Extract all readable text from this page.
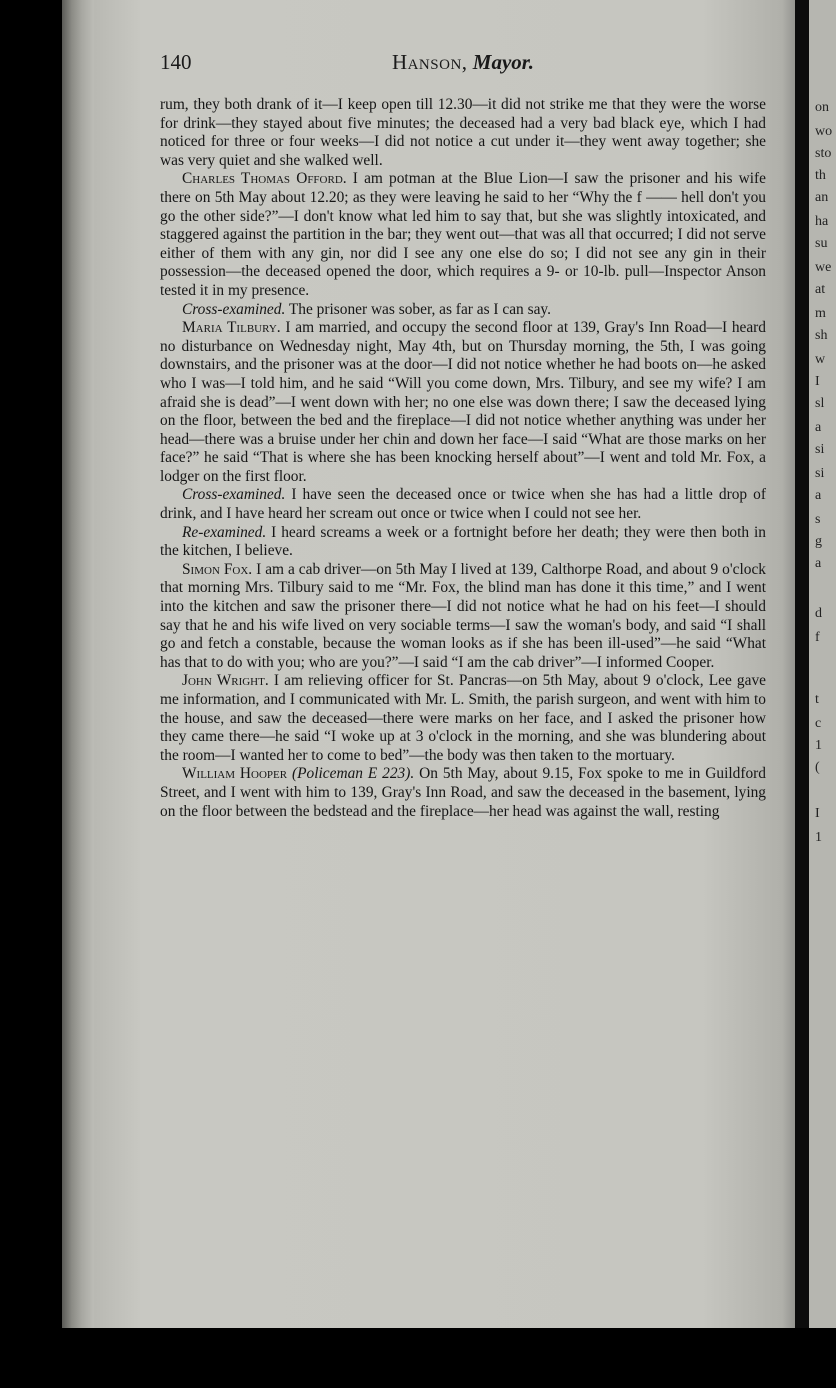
on
wo
sto
th
an
ha
su
we
at
m
sh
w
I
sl
a
si
si
a
s
g
a
d
f
t
c
1
(
I
1
140	Hanson, Mayor.

rum, they both drank of it—I keep open till 12.30—it did not strike me that they were the worse for drink—they stayed about five minutes; the deceased had a very bad black eye, which I had noticed for three or four weeks—I did not notice a cut under it—they went away together; she was very quiet and she walked well.

Charles Thomas Offord. I am potman at the Blue Lion—I saw the prisoner and his wife there on 5th May about 12.20; as they were leaving he said to her “Why the f —— hell don't you go the other side?”—I don't know what led him to say that, but she was slightly intoxicated, and staggered against the partition in the bar; they went out—that was all that occurred; I did not serve either of them with any gin, nor did I see any one else do so; I did not see any gin in their possession—the deceased opened the door, which requires a 9- or 10-lb. pull—Inspector Anson tested it in my presence.

Cross-examined. The prisoner was sober, as far as I can say.

Maria Tilbury. I am married, and occupy the second floor at 139, Gray's Inn Road—I heard no disturbance on Wednesday night, May 4th, but on Thursday morning, the 5th, I was going downstairs, and the prisoner was at the door—I did not notice whether he had boots on—he asked who I was—I told him, and he said “Will you come down, Mrs. Tilbury, and see my wife? I am afraid she is dead”—I went down with her; no one else was down there; I saw the deceased lying on the floor, between the bed and the fireplace—I did not notice whether anything was under her head—there was a bruise under her chin and down her face—I said “What are those marks on her face?” he said “That is where she has been knocking herself about”—I went and told Mr. Fox, a lodger on the first floor.

Cross-examined. I have seen the deceased once or twice when she has had a little drop of drink, and I have heard her scream out once or twice when I could not see her.

Re-examined. I heard screams a week or a fortnight before her death; they were then both in the kitchen, I believe.

Simon Fox. I am a cab driver—on 5th May I lived at 139, Calthorpe Road, and about 9 o'clock that morning Mrs. Tilbury said to me “Mr. Fox, the blind man has done it this time,” and I went into the kitchen and saw the prisoner there—I did not notice what he had on his feet—I should say that he and his wife lived on very sociable terms—I saw the woman's body, and said “I shall go and fetch a constable, because the woman looks as if she has been ill-used”—he said “What has that to do with you; who are you?”—I said “I am the cab driver”—I informed Cooper.

John Wright. I am relieving officer for St. Pancras—on 5th May, about 9 o'clock, Lee gave me information, and I communicated with Mr. L. Smith, the parish surgeon, and went with him to the house, and saw the deceased—there were marks on her face, and I asked the prisoner how they came there—he said “I woke up at 3 o'clock in the morning, and she was blundering about the room—I wanted her to come to bed”—the body was then taken to the mortuary.

William Hooper (Policeman E 223). On 5th May, about 9.15, Fox spoke to me in Guildford Street, and I went with him to 139, Gray's Inn Road, and saw the deceased in the basement, lying on the floor between the bedstead and the fireplace—her head was against the wall, resting
